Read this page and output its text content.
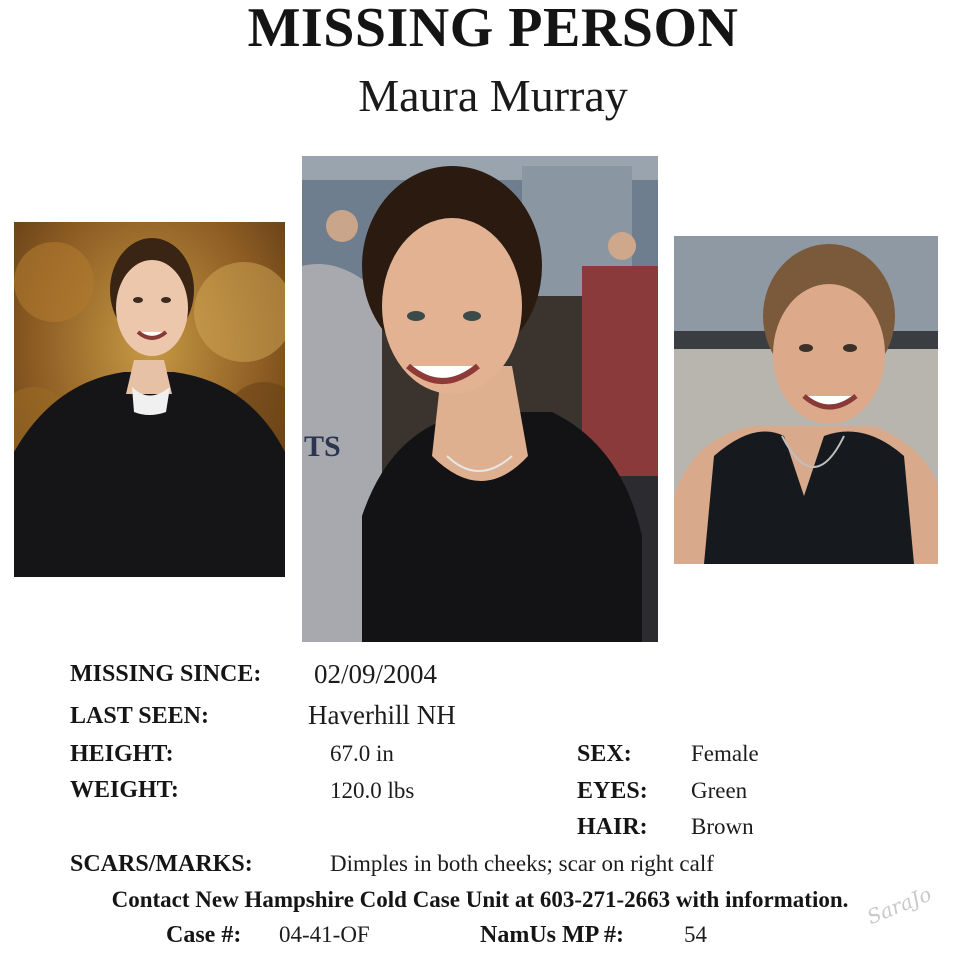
MISSING PERSON
Maura Murray
TS
MISSING SINCE: 02/09/2004
LAST SEEN:	Haverhill NH
HEIGHT:	67.0 in
WEIGHT:	120.0 lbs
SEX:	Female
EYES: Green
HAIR: Brown
SCARS/MARKS:	Dimples in both cheeks; scar on right calf
Contact New Hampshire Cold Case Unit at 603-271-2663 with information.
Case #: 04-41-OF	NamUs MP #:	54
SaraJo
